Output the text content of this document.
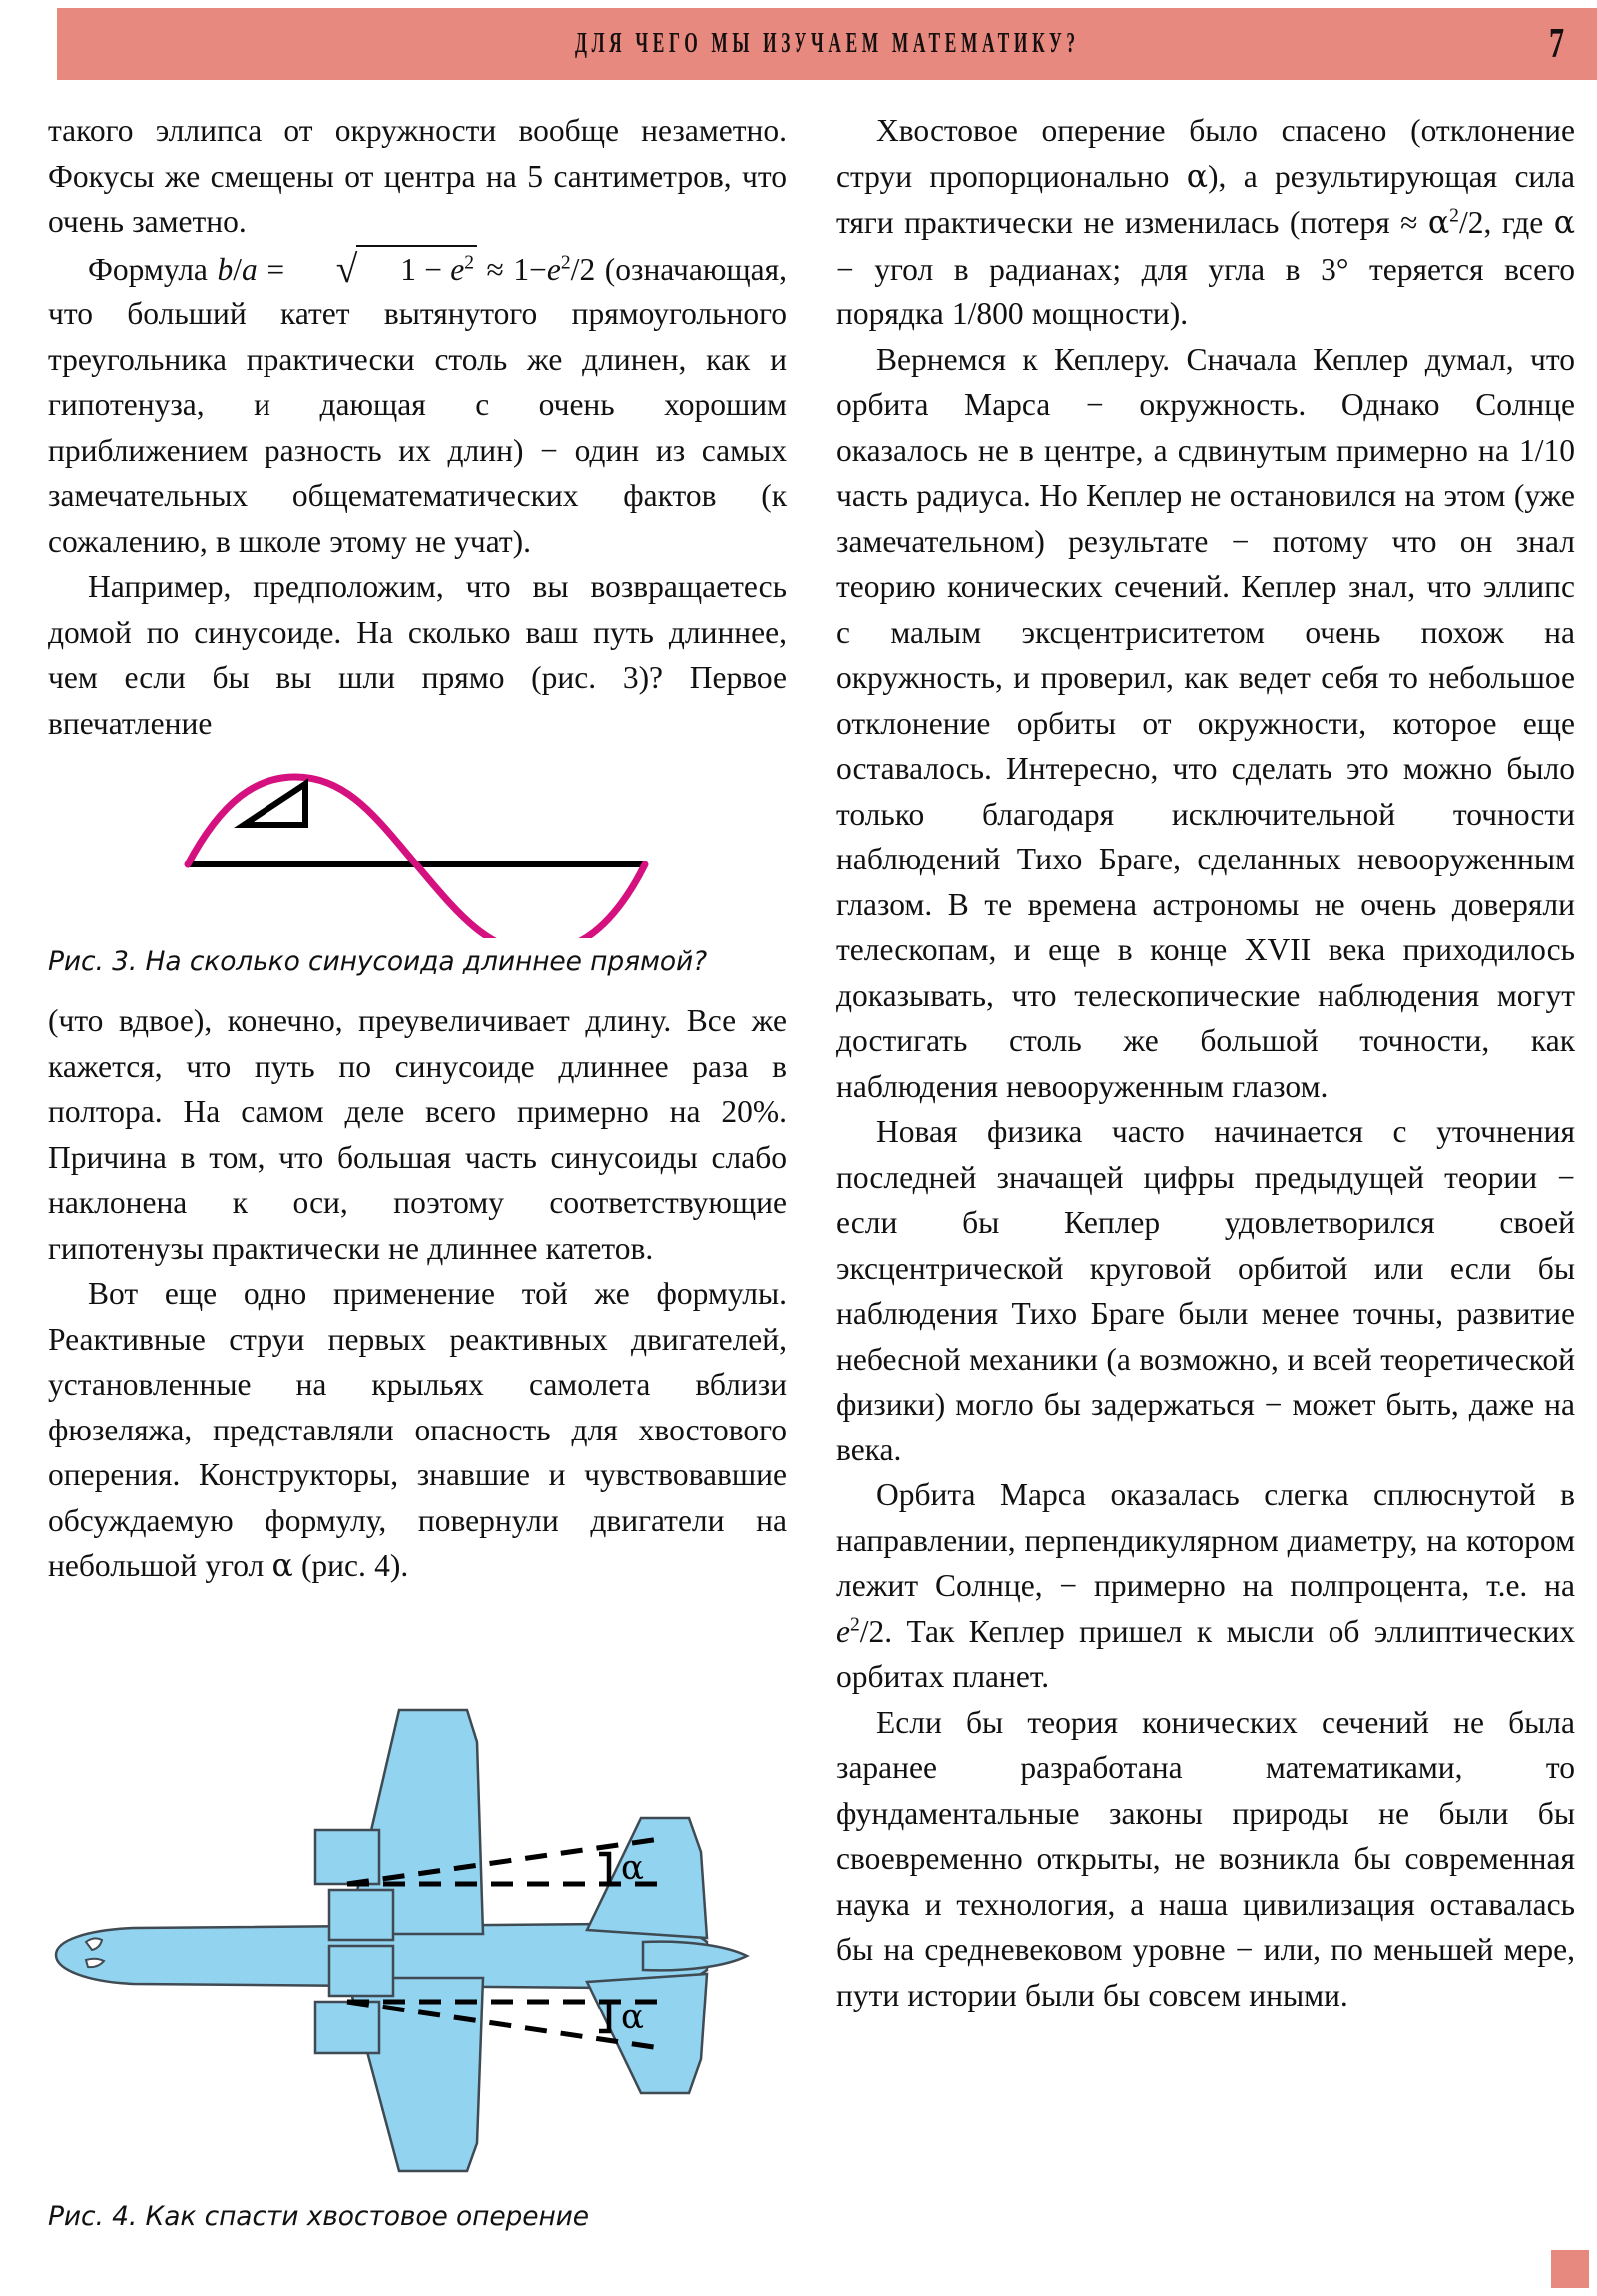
ДЛЯ ЧЕГО МЫ ИЗУЧАЕМ МАТЕМАТИКУ?	7

такого эллипса от окружности вообще незаметно. Фокусы же смещены от центра на 5 сантиметров, что очень заметно.

Формула b/a = √ $1 - e^2 \approx 1-e^2/2$ (означающая, что больший катет вытянутого прямоугольного треугольника практически столь же длинен, как и гипотенуза, и дающая с очень хорошим приближением разность их длин) − один из самых замечательных общематематических фактов (к сожалению, в школе этому не учат).

Например, предположим, что вы возвращаетесь домой по синусоиде. На сколько ваш путь длиннее, чем если бы вы шли прямо (рис. 3)? Первое впечатление

Рис. 3. На сколько синусоида длиннее прямой?

(что вдвое), конечно, преувеличивает длину. Все же кажется, что путь по синусоиде длиннее раза в полтора. На самом деле всего примерно на 20%. Причина в том, что большая часть синусоиды слабо наклонена к оси, поэтому соответствующие гипотенузы практически не длиннее катетов.

Вот еще одно применение той же формулы. Реактивные струи первых реактивных двигателей, установленные на крыльях самолета вблизи фюзеляжа, представляли опасность для хвостового оперения. Конструкторы, знавшие и чувствовавшие обсуждаемую формулу, повернули двигатели на небольшой угол α (рис. 4).

α
α
Рис. 4. Как спасти хвостовое оперение

Хвостовое оперение было спасено (отклонение струи пропорционально α), а результирующая сила тяги практически не изменилась (потеря ≈ $\alpha^2/2$, где α − угол в радианах; для угла в 3° теряется всего порядка 1/800 мощности).

Вернемся к Кеплеру. Сначала Кеплер думал, что орбита Марса − окружность. Однако Солнце оказалось не в центре, а сдвинутым примерно на 1/10 часть радиуса. Но Кеплер не остановился на этом (уже замечательном) результате − потому что он знал теорию конических сечений. Кеплер знал, что эллипс с малым эксцентриситетом очень похож на окружность, и проверил, как ведет себя то небольшое отклонение орбиты от окружности, которое еще оставалось. Интересно, что сделать это можно было только благодаря исключительной точности наблюдений Тихо Браге, сделанных невооруженным глазом. В те времена астрономы не очень доверяли телескопам, и еще в конце XVII века приходилось доказывать, что телескопические наблюдения могут достигать столь же большой точности, как наблюдения невооруженным глазом.

Новая физика часто начинается с уточнения последней значащей цифры предыдущей теории − если бы Кеплер удовлетворился своей эксцентрической круговой орбитой или если бы наблюдения Тихо Браге были менее точны, развитие небесной механики (а возможно, и всей теоретической физики) могло бы задержаться − может быть, даже на века.

Орбита Марса оказалась слегка сплюснутой в направлении, перпендикулярном диаметру, на котором лежит Солнце, − примерно на полпроцента, т.е. на $e^2/2$. Так Кеплер пришел к мысли об эллиптических орбитах планет.

Если бы теория конических сечений не была заранее разработана математиками, то фундаментальные законы природы не были бы своевременно открыты, не возникла бы современная наука и технология, а наша цивилизация оставалась бы на средневековом уровне − или, по меньшей мере, пути истории были бы совсем иными.
